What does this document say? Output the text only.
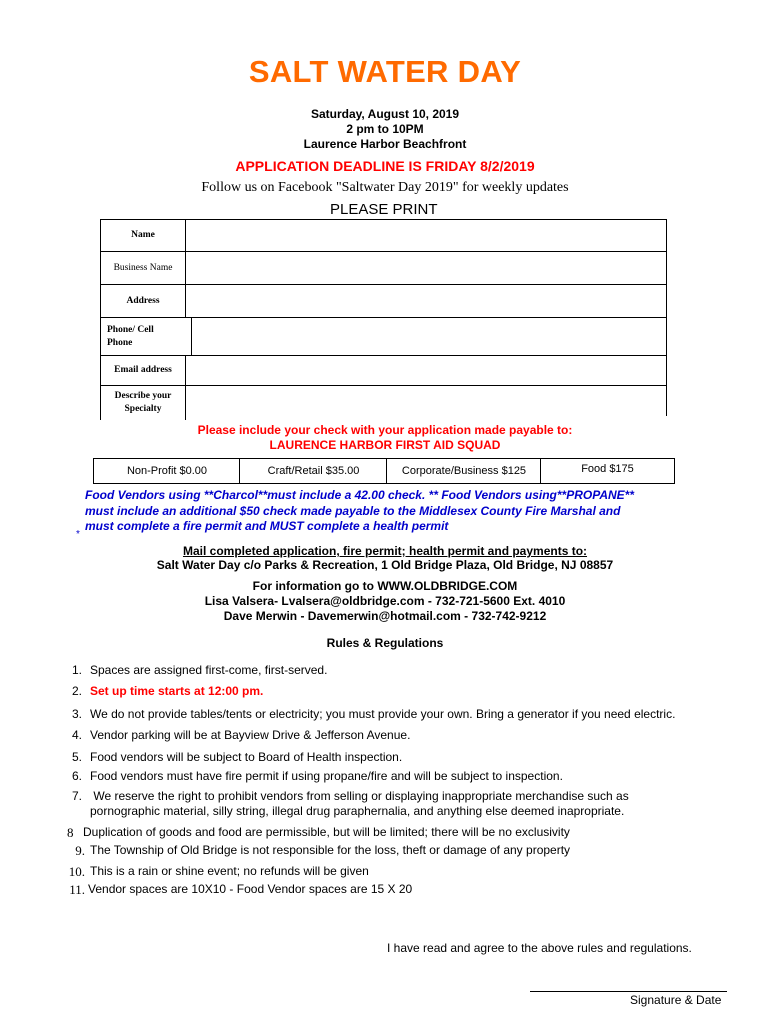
SALT WATER DAY
Saturday, August 10, 2019
2 pm to 10PM
Laurence Harbor Beachfront
APPLICATION DEADLINE IS FRIDAY 8/2/2019
Follow us on Facebook "Saltwater Day 2019" for weekly updates
PLEASE PRINT
Name
Business Name
Address
Phone/ Cell
Phone
Email address
Describe your
Specialty
Please include your check with your application made payable to:
LAURENCE HARBOR FIRST AID SQUAD
Non-Profit $0.00	Craft/Retail $35.00	Corporate/Business $125	Food $175
Food Vendors using **Charcol**must include a 42.00 check. ** Food Vendors using**PROPANE**
must include an additional $50 check made payable to the Middlesex County Fire Marshal and
must complete a fire permit and MUST complete a health permit
*
Mail completed application, fire permit; health permit and payments to:
Salt Water Day c/o Parks & Recreation, 1 Old Bridge Plaza, Old Bridge, NJ 08857
For information go to WWW.OLDBRIDGE.COM
Lisa Valsera- Lvalsera@oldbridge.com - 732-721-5600 Ext. 4010
Dave Merwin - Davemerwin@hotmail.com - 732-742-9212
Rules & Regulations
1. Spaces are assigned first-come, first-served.
2. Set up time starts at 12:00 pm.
3. We do not provide tables/tents or electricity; you must provide your own. Bring a generator if you need electric.
4. Vendor parking will be at Bayview Drive & Jefferson Avenue.
5. Food vendors will be subject to Board of Health inspection.
6. Food vendors must have fire permit if using propane/fire and will be subject to inspection.
7. We reserve the right to prohibit vendors from selling or displaying inappropriate merchandise such as
pornographic material, silly string, illegal drug paraphernalia, and anything else deemed inapropriate.
8 Duplication of goods and food are permissible, but will be limited; there will be no exclusivity
9. The Township of Old Bridge is not responsible for the loss, theft or damage of any property
10. This is a rain or shine event; no refunds will be given
11. Vendor spaces are 10X10 - Food Vendor spaces are 15 X 20
I have read and agree to the above rules and regulations.
Signature & Date
